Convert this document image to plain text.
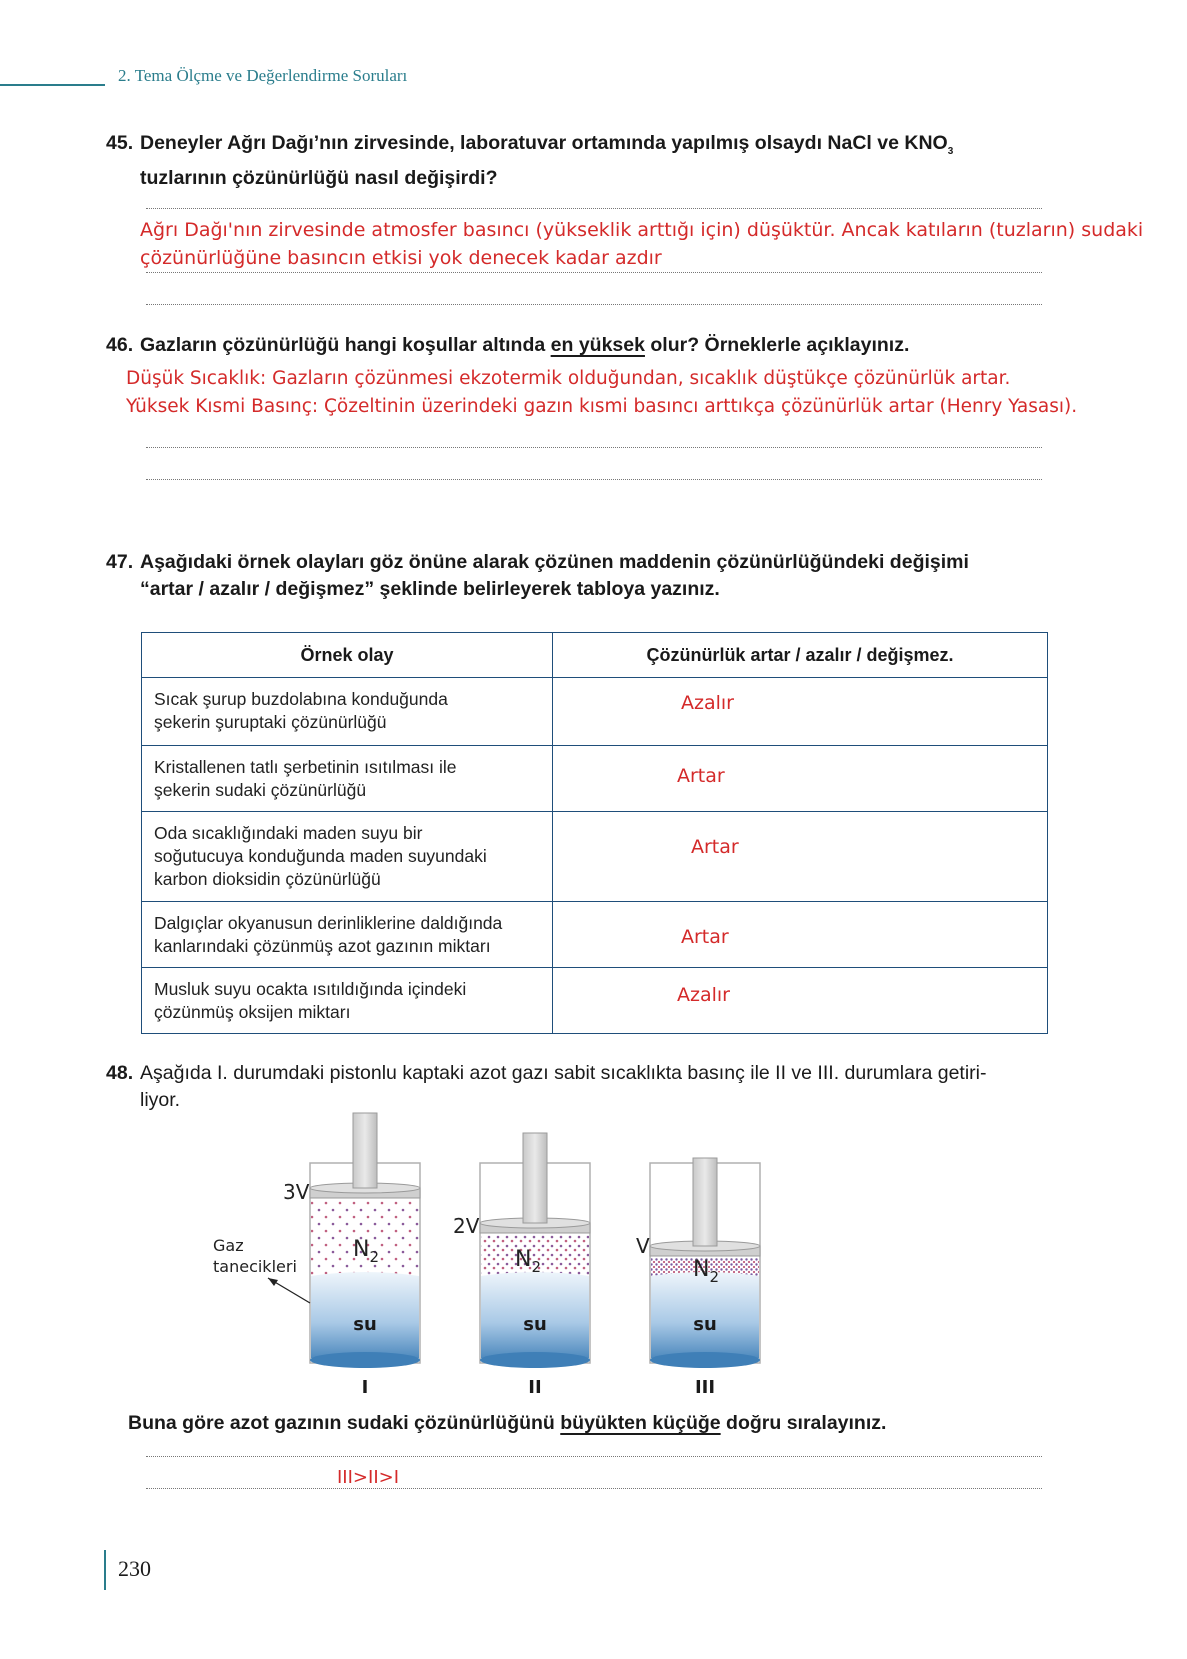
2. Tema Ölçme ve Değerlendirme Soruları
45. Deneyler Ağrı Dağı’nın zirvesinde, laboratuvar ortamında yapılmış olsaydı NaCl ve $KNO_3$
tuzlarının çözünürlüğü nasıl değişirdi?
Ağrı Dağı'nın zirvesinde atmosfer basıncı (yükseklik arttığı için) düşüktür. Ancak katıların (tuzların) sudaki
çözünürlüğüne basıncın etkisi yok denecek kadar azdır
46. Gazların çözünürlüğü hangi koşullar altında en yüksek olur? Örneklerle açıklayınız.
Düşük Sıcaklık: Gazların çözünmesi ekzotermik olduğundan, sıcaklık düştükçe çözünürlük artar.
Yüksek Kısmi Basınç: Çözeltinin üzerindeki gazın kısmi basıncı arttıkça çözünürlük artar (Henry Yasası).
47. Aşağıdaki örnek olayları göz önüne alarak çözünen maddenin çözünürlüğündeki değişimi
“artar / azalır / değişmez” şeklinde belirleyerek tabloya yazınız.
Örnek olay	Çözünürlük artar / azalır / değişmez.
Sıcak şurup buzdolabına konduğunda
şekerin şuruptaki çözünürlüğü	Azalır

Kristallenen tatlı şerbetinin ısıtılması ile
şekerin sudaki çözünürlüğü	Artar

Oda sıcaklığındaki maden suyu bir
soğutucuya konduğunda maden suyundaki
karbon dioksidin çözünürlüğü	Artar

Dalgıçlar okyanusun derinliklerine daldığında
kanlarındaki çözünmüş azot gazının miktarı	Artar

Musluk suyu ocakta ısıtıldığında içindeki
çözünmüş oksijen miktarı	Azalır
48. Aşağıda I. durumdaki pistonlu kaptaki azot gazı sabit sıcaklıkta basınç ile II ve III. durumlara getiri-
liyor.
3V
2V
V
Gaz
tanecikleri
$N_2$	$N_2$	$N_2$
su	su	su
I	II	III
Buna göre azot gazının sudaki çözünürlüğünü büyükten küçüğe doğru sıralayınız.
III>II>I
230
